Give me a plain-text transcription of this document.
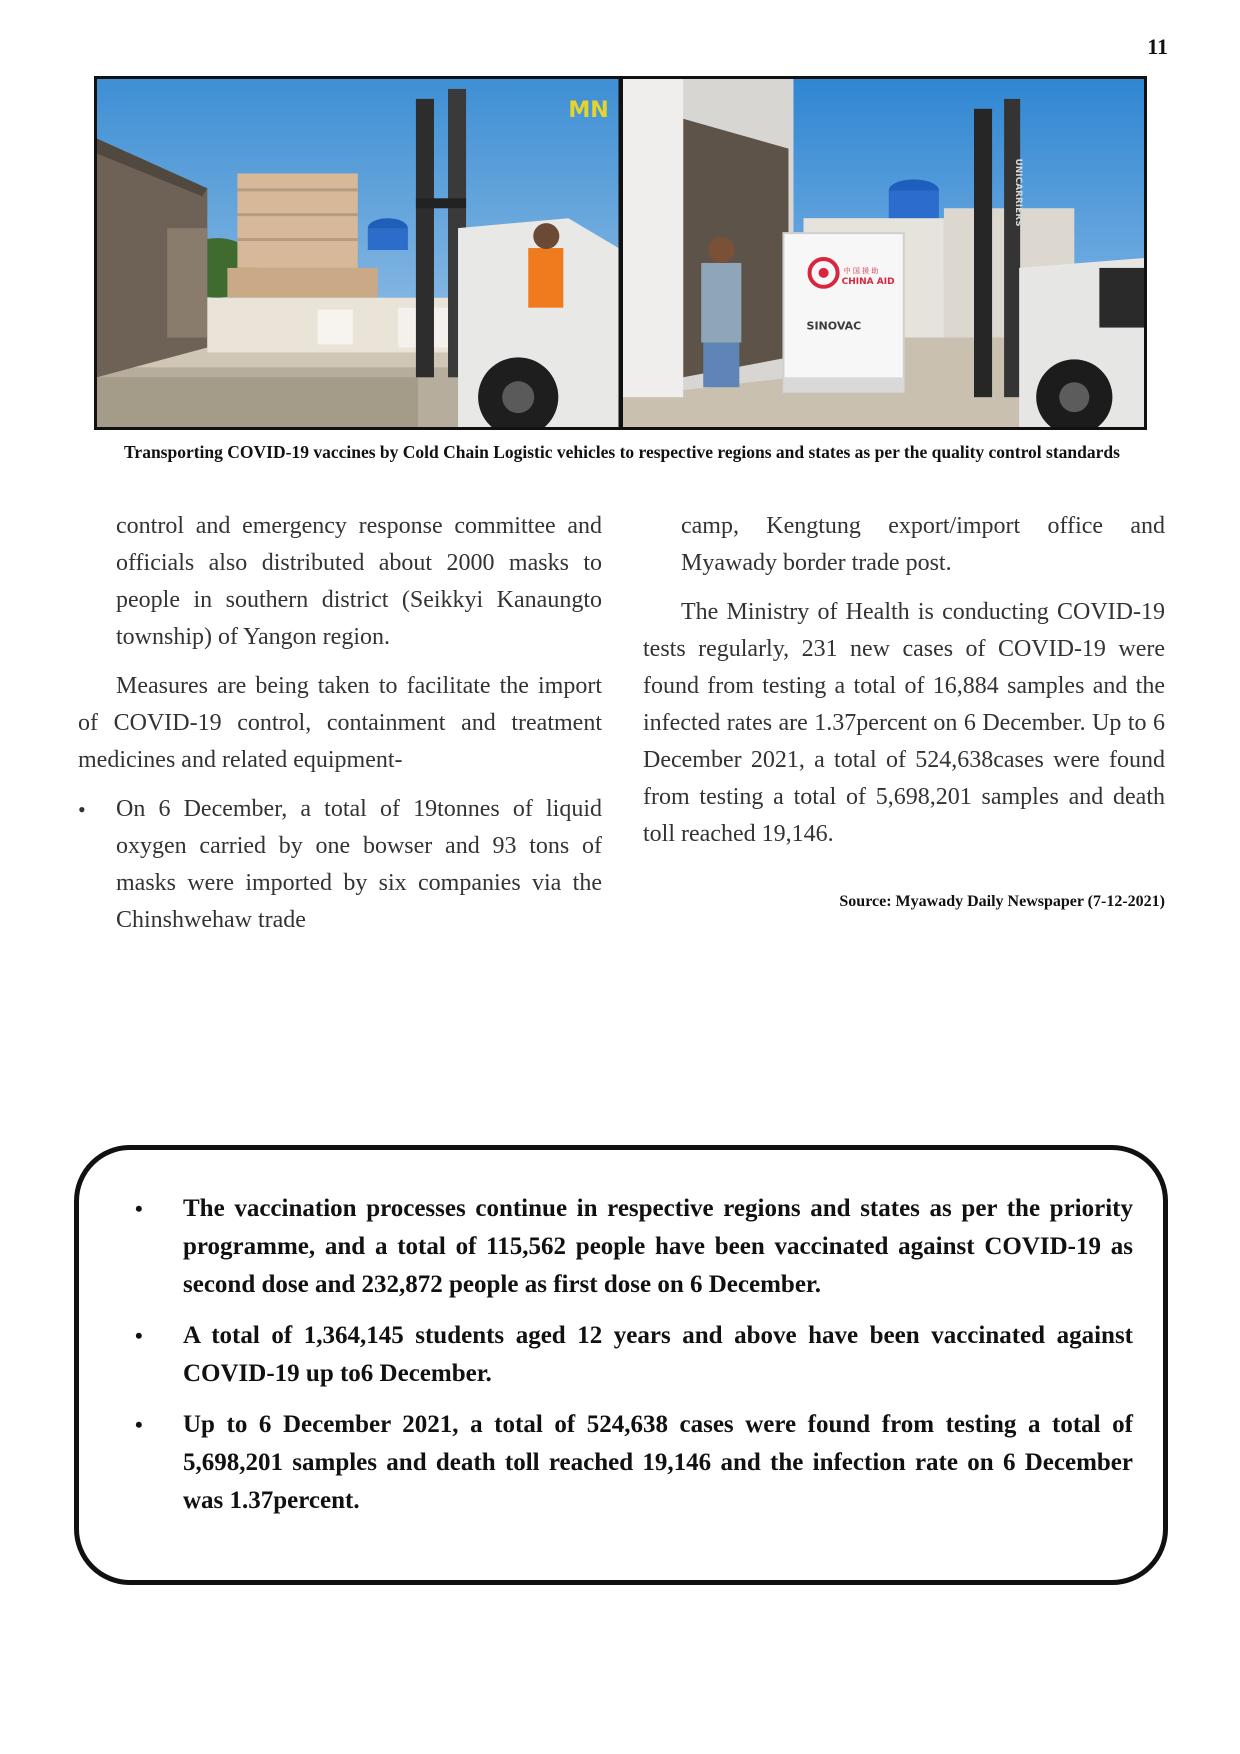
11
MN
中 国 援 助
CHINA AID
SINOVAC
UNICARRIERS
Transporting COVID-19 vaccines by Cold Chain Logistic vehicles to respective regions and states as per the quality control standards

control and emergency response committee and officials also distributed about 2000 masks to people in southern district (Seikkyi Kanaungto township) of Yangon region.

Measures are being taken to facilitate the import of COVID-19 control, containment and treatment medicines and related equipment-

• On 6 December, a total of 19tonnes of liquid oxygen carried by one bowser and 93 tons of masks were imported by six companies via the Chinshwehaw trade

camp, Kengtung export/import office and Myawady border trade post.

The Ministry of Health is conducting COVID-19 tests regularly, 231 new cases of COVID-19 were found from testing a total of 16,884 samples and the infected rates are 1.37percent on 6 December. Up to 6 December 2021, a total of 524,638cases were found from testing a total of 5,698,201 samples and death toll reached 19,146.

Source: Myawady Daily Newspaper (7-12-2021)
• The vaccination processes continue in respective regions and states as per the priority programme, and a total of 115,562 people have been vaccinated against COVID-19 as second dose and 232,872 people as first dose on 6 December.
• A total of 1,364,145 students aged 12 years and above have been vaccinated against COVID-19 up to6 December.
• Up to 6 December 2021, a total of 524,638 cases were found from testing a total of 5,698,201 samples and death toll reached 19,146 and the infection rate on 6 December was 1.37percent.
